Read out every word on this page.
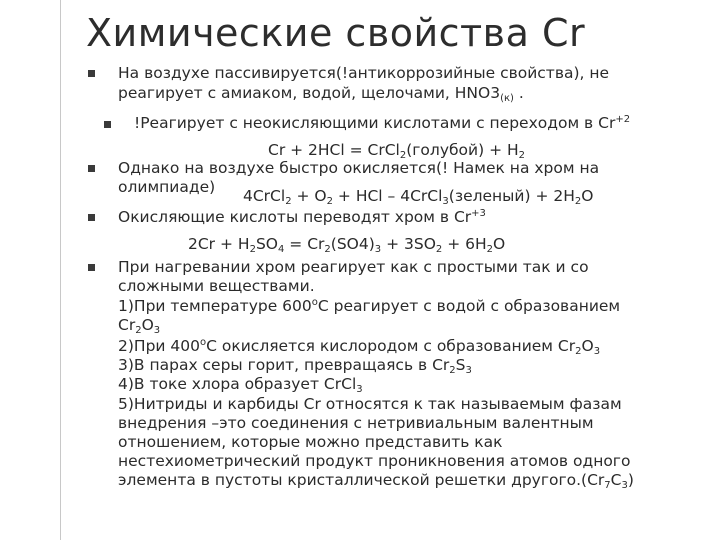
Химические свойства Cr
На воздухе пассивируется(!антикоррозийные свойства), не
реагирует с амиаком, водой, щелочами, $HNO3_{(к)}$ .
!Реагирует с неокисляющими кислотами с переходом в $Cr^{+2}$
Cr + 2HCl = CrCl$_2$(голубой) + $H_2$
Однако на воздухе быстро окисляется(! Намек на хром на
олимпиаде) 4CrCl$_2$ + $O_2$ + HCl – 4CrCl$_3$(зеленый) + $2H_2O$
Окисляющие кислоты переводят хром в $Cr^{+3}$
$2Cr + H_2SO_4 = Cr_2(SO4)_3 + 3SO_2 + 6H_2O$
При нагревании хром реагирует как с простыми так и со
сложными веществами.
1)При температуре 600$^o$С реагирует с водой с образованием
$Cr_2O_3$
2)При 400$^o$С окисляется кислородом с образованием $Cr_2O_3$
3)В парах серы горит, превращаясь в $Cr_2S_3$
4)В токе хлора образует CrCl$_3$
5)Нитриды и карбиды Cr относятся к так называемым фазам
внедрения –это соединения с нетривиальным валентным
отношением, которые можно представить как
нестехиометрический продукт проникновения атомов одного
элемента в пустоты кристаллической решетки $другого.(Cr_7C_3)$
